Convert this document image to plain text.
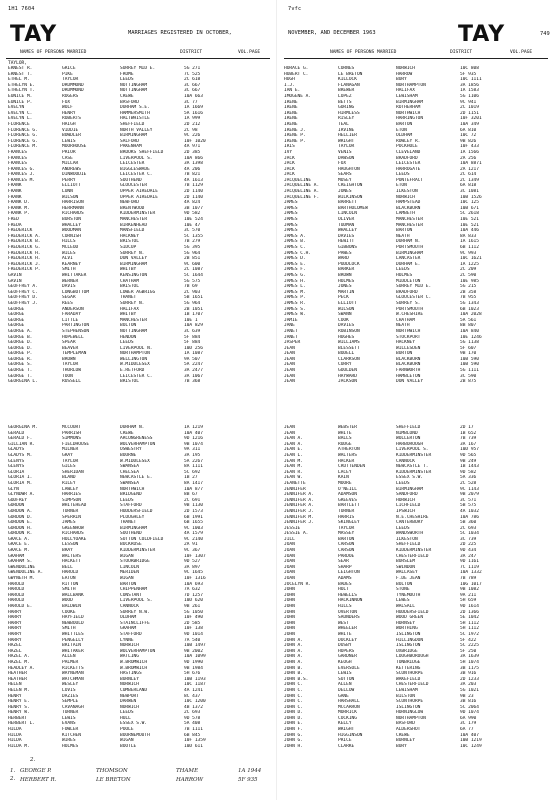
1H1 7604	7vfc
TAY	TAY
MARRIAGES REGISTERED IN OCTOBER,	NOVEMBER, AND DECEMBER 1963	749
NAMES OF PERSONS MARRIED	DISTRICT	VOL.PAGE	NAMES OF PERSONS MARRIED	DISTRICT	VOL.PAGE
TAYLOR,
ERNEST R.	GRICE	SURREY MID E.	5G 271
ERNEST T.	PIKE	FROME	7C 525
ETHEL M.	TAYLOR	LEEDS	2C 618
ETHELYN E.	DRUMMOND	NOTTINGHAM	3C 667
ETHELYN T.	DRUMMOND	NOTTINGHAM	3C 667
EUNICE M.	ROGERS	CREWE	10A 663
EUNICE P.	FOX	BASFORD	3C 77
EVELYN	WOLF	DURHAM S.E.	1A 1669
EVELYN C.	HENRY	HAMMERSMITH	5A 1616
EVELYN L.	ROBERTS	HALTWHISTLE	1A 999
FLORENCE	HAIGH	SHEFFIELD	2D 212
FLORENCE G.	VIDDIE	NORTH VALLEY	2C 98
FLORENCE G.	BOWDLER	BIRMINGHAM	9C 226
FLORENCE G.	LEWIS	SALFORD	10F 1020
FLORENCE M.	MOORHOUSE	PAKENHAM	4A 971
FRANCES	PRIOR	BROOKS SHEFFIELD	2D 385
FRANCES	CASE	LIVERPOOL S.	10A 866
FRANCES	MILLAR	LEICESTER	3A 1398
FRANCES G.	ANDREWS	BIGGLESWADE	4A 206
FRANCES J.	DINWOODIE	LEICESTER C.	7B 821
FRANCES M.	PERRY	SOUTHEND	4A 1613
FRANK	ELLIOTT	GLOUCESTER	7B 1129
FRANK	LUNN	UPPER AIREDALE	2D 1140
FRANK	WILSON	UPPER AIREDALE	2D 1140
FRANK D.	HARRISON	NEWFORD	4A 824
FRANK M.	HERRMANN	BRENTWOOD	3B 1077
FRANK P.	RICHARDS	KIDDERMINSTER	9D 582
FRED	BURSTON	MANCHESTER	10E 524
FREDA	WHALLEY	BIRKENHEAD	10E 47
FREDERICK	WOODMAN	MANSFIELD	3C 570
FREDERICK A.	CORNISH	HACKNEY	5C 1355
FREDERICK B.	HILLS	BRISTOL	7B 279
FREDERICK G.	MCLEOD	SIDCUP	5G 395
FREDERICK H.	WILES	SURREY N.	5G 964
FREDERICK H.	ALVI	DUN VALLEY	2B 851
FREDERICK J.	KEARNEY	BIRMINGHAM	9C 600
FREDERICK P.	SMITH	WHITBY	2C 1087
GAVIN	WHITTAKER	KENSINGTON	5C 1644
GAVIN	WERNER	CHATHAM	5G 575
GEOFFREY A.	DAVIS	BRISTOL	7B 69
GEOFFREY C.	LONGBOTTOM	LOWER AGBRIGG	2C 903
GEOFFREY D.	SEGAR	THANET	5B 1651
GEOFFREY J.	REES	SURREY N.	5G 964
GEORGE	ANDERSON	HALIFAX	2B 1051
GEORGE	FARADAY	WHITBY	1B 1707
GEORGE	LITTLE	MANCHESTER	10E 1
GEORGE	PARTINGTON	BOLTON	10A 829
GEORGE A.	STEPHENSON	NOTTINGHAM	3C 639
GEORGE B.	HOPEWELL	HENDON	5F 884
GEORGE D.	SPEAR	LEEDS	5F 884
GEORGE D.	BEAVER	LIVERPOOL N.	10D 256
GEORGE P.	TEMPLEMAN	NORTHAMPTON	1A 1087
GEORGE R.	BROWN	WELLINGTON	9A 507
GEORGE S.	TAYLOR	W.MIDDLESEX	5A 2247
GEORGE T.	THURLOW	E.RETFORD	3A 2477
GEORGE T.	TOON	LEICESTER C.	3A 1067
GEORGINA L.	RUSSELL	BRISTOL	7B 368
HORACE G.	CORNES	NORWICH	10C 808
HUBERT C.	LE BRETON	HARROW	5F 935
HUGH	KILLOCK	BURY	10C 1111
I.J.	FLANAGAN	NORTHAMPTON	3A 1856
IAN E.	BREWER	HALIFAX	1A 1583
IMOGENE A.	LOPEZ	LEWISHAM	5G 1106
IRENE	BETTS	BIRMINGHAM	9C 941
IRENE	GORING	ROTHERHAM	2C 1019
IRENE	HIRMLESS	NORTHWICH	2D 1151
IRENE	RISLEY	HARRINGTON	10F 3201
IRENE	TEAL	BARTON	10A 349
IRENE J.	IRVINE	ETON	6A 810
IRENE P.	HELLIER	OLDHAM	10C 72
IRENE P.	WRIGHT	ROWLEY R.	9B 826
IRIS	TAYLOR	POCKHOLE	10F 433
IVY	VENIS	CLEVELAND	1A 1566
JACK	DAWSON	BRADFORD	2A 256
JACK	FOX	LEICESTER	10A 8871
JACK	HAUGHTON	HARROGATE	2A 1217
JACK	SEARS	LEEDS	2C 614
JACQUELINE	MOSEY	PONTEFRACT	2C 1349
JACQUELINE A.	CREIGHTON	ETON	6A 818
JACQUELINE A.	JONES	ILKESTON	3C 1081
JACQUELINE F.	WILKINSON	NORWICH	10B 1526
JAMES	BARRETT	HAMPSTEAD	10C 125
JAMES	BARTHOLOMEW	BLACKBURN	10B 671
JAMES	LINCOLN	LAMBETH	5C 2618
JAMES	OLIVER	MANCHESTER	10E 521
JAMES	TUDMAN	MANCHESTER	10E 521
JAMES	WHALLEY	BARTON	10A 446
JAMES A.	DAVIES	NEATH	8A 833
JAMES B.	HEWITT	DURHAM N.	1A 1615
JAMES C.	GIBBONS	PORTSMOUTH	6B 1112
JAMES C.H.	PAWES	BIRMINGHAM	9C 993
JAMES D.	WARD	LANCASTER	10C 1621
JAMES E.	PUDDLOCK	DURHAM E.	1A 1225
JAMES F.	BARKER	LEEDS	2C 209
JAMES G.	BROWN	HOLMES	2C 590
JAMES H.	HOLMES	MIDDLETON	10E 985
JAMES L.	JONES	SURREY MID E.	5G 215
JAMES M.	MARTIN	BRADFORD	2B 358
JAMES P.	PECK	GLOUCESTER C.	7B 955
JAMES R.	ELLIOTT	SURREY S.	5G 1343
JAMES S.	WILSON	PORTSMOUTH	6B 1023
JAMES W.	SWANN	W.CHESHIRE	10A 2028
JAMIE	COOK	CHATHAM	5A 561
JANE	DAVIES	NEATH	8B 807
JANET	ROBINSON	NORTHWICH	10A 840
JANET	HUGHES	STOCKPORT	10E 1246
JASPER	WILLIAMS	HACKNEY	5G 1138
JEAN	BLESSETT	WILLESDEN	5F 607
JEAN	BODELL	BURTON	9B 170
JEAN	CLARKSON	BLACKBURN	10B 590
JEAN	CURRY	BLACKBURN	10B 590
JEAN	GOULDEN	FARNWORTH	5G 1111
JEAN	HAYWARD	HAMBLETON	3C 590
JEAN	JACKSON	DON VALLEY	2B 875
GEORGINA M.	MCCOURT	DURHAM N.	1A 1219
GERALD	PARRISH	CREWE	10A 407
GERALD F.	SIMMONS	ARCONGRENESS	9D 1216
GILLIAN R.	FIELDHOUSE	WOLVERHAMPTON	9B 1074
GLADYS	MILNER	OSWESTRY	9A 311
GLADYS M.	GRAY	BOURNE	3A 195
GLENYS	TAYLOR	W.MIDDLESEX	5A 2267
GLENYS	GILES	SWANSEA	8A 1111
GLORIA	SHERIDAN	CHELSEA	5C 692
GLORIA I.	BLAND	NEWCASTLE E.	1B 27
GLORIA M.	RILEY	SWANSEA	8A 1417
GLYN	LAWLEY	NORTHWICH	10A 877
GLYNDWR A.	HARRIES	BRIDGEND	8B 67
GODFREY	SIMPSON	LEEDS	2C 691
GORDON	WHITEHEAD	STAFFORD	9B 1130
GORDON A.	TURNER	HUDDERSFIELD	2D 1573
GORDON D.	SPERRIN	PLOUGHLEY	6B 1991
GORDON E.	JAMES	THANET	6B 1655
GORDON H.	GREENHOW	BIRMINGHAM	9C 1003
GORDON R.	RICHARDS	SOUTHEND	4A 1579
GRACE A.	HOLLYOAKE	SUTTON COLDFIELD	9C 2140
GRACE E.	LESSON	BUCKROSE	2A 91
GRACE M.	BRAY	KIDDERMINSTER	9C 367
GRAHAM	WALTERS	WIGAN	10F 1307
GRAHAM S.	HACKETT	STOURBRIDGE	9D 527
GWENDOLINE	BELL	LINCOLN	3A 897
GWENDOLINE A.	HAROLD	MERIDEN	9C 1645
GWYNETH M.	EATON	WIGAN	10F 1316
HAROLD	RITTON	BARTON	10A 693
HAROLD	SMITH	CHIPPENHAM	7A 632
HAROLD	WALLBANK	CONSTANT	7D 1257
HAROLD	WOOD	LIVERPOOL S.	10D 620
HAROLD E.	BALDWIN	CANNOCK	9B 261
HARRY	COOKE	SURREY N.W.	5G 1050
HARRY	HAYFIELD	OLDHAM	10F 490
HARRY	NEWBOULD	STAINCLIFFE	2D 585
HARRY	SMITH	GRAHAM	10F 138
HARRY	WHITTLES	STAFFORD	9D 1014
HARRY	PENGELLY	LYNNE	7A 540
HAZEL	BRITAIN	NORWICH	10B 1497
HAZEL	WHITAKER	WOLVERHAMPTON	9B 2002
HAZEL A.	ALLEN	WATLING	10A 1099
HAZEL M.	PALMER	W.BROMWICH	9D 1990
HEADLEY A.	RICKETTS	W.BROMWICH	9B 1984
HEATHER	WAYNEMAN	HASTINGS	5H 676
HEATHER	WATCHMAN	BURNLEY	10B 1193
HELEN	WESLEY	NORWICH	10C 1187
HELEN M.	LOVIS	CUMBERLAND	4A 1241
HENRY	DAZIES	NEWPORT	8C 437
HENRY E.	SEMPLE	DARWEN	10C 1200
HENRY S.	CAVANAGH	NORWICH	4B 1372
HENRY W.	TURNER	LEEDS	2C 693
HERBERT	LEWIS	HULL	9D 578
HERBERT L.	EVANS	ESSEX S.W.	5A 408
HILDA	FOWLER	POOLE	7B 1111
HILDA	KITCHEN	BOURNEMOUTH	6B 845
HILDA	WIRES	WIGAN	10F 1359
HILDA M.	HOLMES	BOOTLE	10D 611
JEAN	WEBSTER	SHEFFIELD	2D 17
JEAN	WHITE	NIMBLOND	1B 652
JEAN A.	BALLS	WOLLERTON	7B 739
JEAN A.	RUDGE	HARBOROUGH	3A 167
JEAN E.	ATHERTON	LIVERPOOL S.	10D 957
JEAN L.	WALTERS	KIDDERMINSTER	9D 565
JEAN M.	HACKER	CANNOCK	9B 249
JEAN M.	CRUTTENDEN	NEWCASTLE T.	1B 1443
JEAN R.	LACEY	KIDDERMINSTER	9D 582
JEAN W.	KAIN	ESSEX S.W.	5A 336
JEANETTE	MOORE	LEEDS	2C 528
JENNIFER	O'NEILL	BIRMINGHAM	9C 1143
JENNIFER A.	ADAMSON	SANDFORD	9B 2079
JENNIFER A.	GREEVES	HORWICH	3C 571
JENNIFER A.	BARTLETT	LICHFIELD	5B 575
JENNIFER J.	TURNER	IPSWICH	4A 1032
JENNIFER M.	HARRIS	N.E.CHESHIRE	10A 786
JENNIFER J.	SKINGLEY	CANTERBURY	5B 360
JESSIE	TAYLOR	LEEDS	2C 693
JESSIE A.	MASSEY	WANDSWORTH	5C 1034
JILL	BARTON	ILKESTON	3C 739
JOAN	CARSON	SHEFFIELD	2D 225
JOAN	CARSON	KIDDERMINSTER	9D 434
JOAN	PARDOE	CHESTERFIELD	3A 247
JOAN	SEAR	BURSLEM	9D 1161
JOAN	SHARP	SWINDON	7C 1119
JOAN	LEIGHTON	WALLASEY	10A 1332
JOAN	ADAMS	F.DE JEAN	7B 789
JOCELYN R.	BADES	BOLTON	10G 1017
JOHN	HOLT	STONE	9B 1082
JOHN	HEWELLS	TYNEMOUTH	9A 211
JOHN	HACKINNON	LEWES	5H 659
JOHN	HILLS	WALSALL	9D 1614
JOHN	OVERTON	HUDDERSFIELD	2D 1366
JOHN	SAUNDERS	WOOD GREEN	5E 1042
JOHN	WEST	HORNSEY	5H 1112
JOHN	WHEELER	WORTHING	5H 1112
JOHN	WHITE	ISLINGTON	5C 1972
JOHN A.	DUCKLEY	HILLINGDON	5F 422
JOHN A.	DUSBY	ISLINGTON	5C 2225
JOHN A.	HOPERS	UXBRIDGE	5F 250
JOHN A.	GARDNER	LOUGHBOROUGH	3A 1639
JOHN A.	KEOGH	TONBRIDGE	5H 1074
JOHN B.	EVERSOLE	KETTERING	3B 1175
JOHN B.	LEWIS	SCUNTHORPE	3B 916
JOHN B.S.	SUTTON	WAKEFIELD	2D 1233
JOHN C.	ALLEN	CHESTERFIELD	3A 203
JOHN C.	DELLOW	LEWISHAM	5G 1021
JOHN C.	GANE	BILSTON	9B 23
JOHN C.	HARSHALL	SCUNTHORPE	3B 816
JOHN C.	MCCARRON	ISLINGTON	5C 2064
JOHN D.	MORRICK	HORNINGLOW	9D 1074
JOHN D.	COCKING	NORTHAMPTON	6A 990
JOHN E.	KELLY	BASFORD	3C 179
JOHN F.	WRIGHT	ALDERSHOT	6A 77
JOHN G.	HIGGINSON	CREWE	10A 407
JOHN G.	PRICE	BURNLEY	10B 1219
JOHN H.	CLARKE	BURY	10C 1249
2.
1.
2.
GEORGE P.	THOMSON	THAME	1A 1944
HERBERT R.	LE BRETON	HARROW	5F 935
